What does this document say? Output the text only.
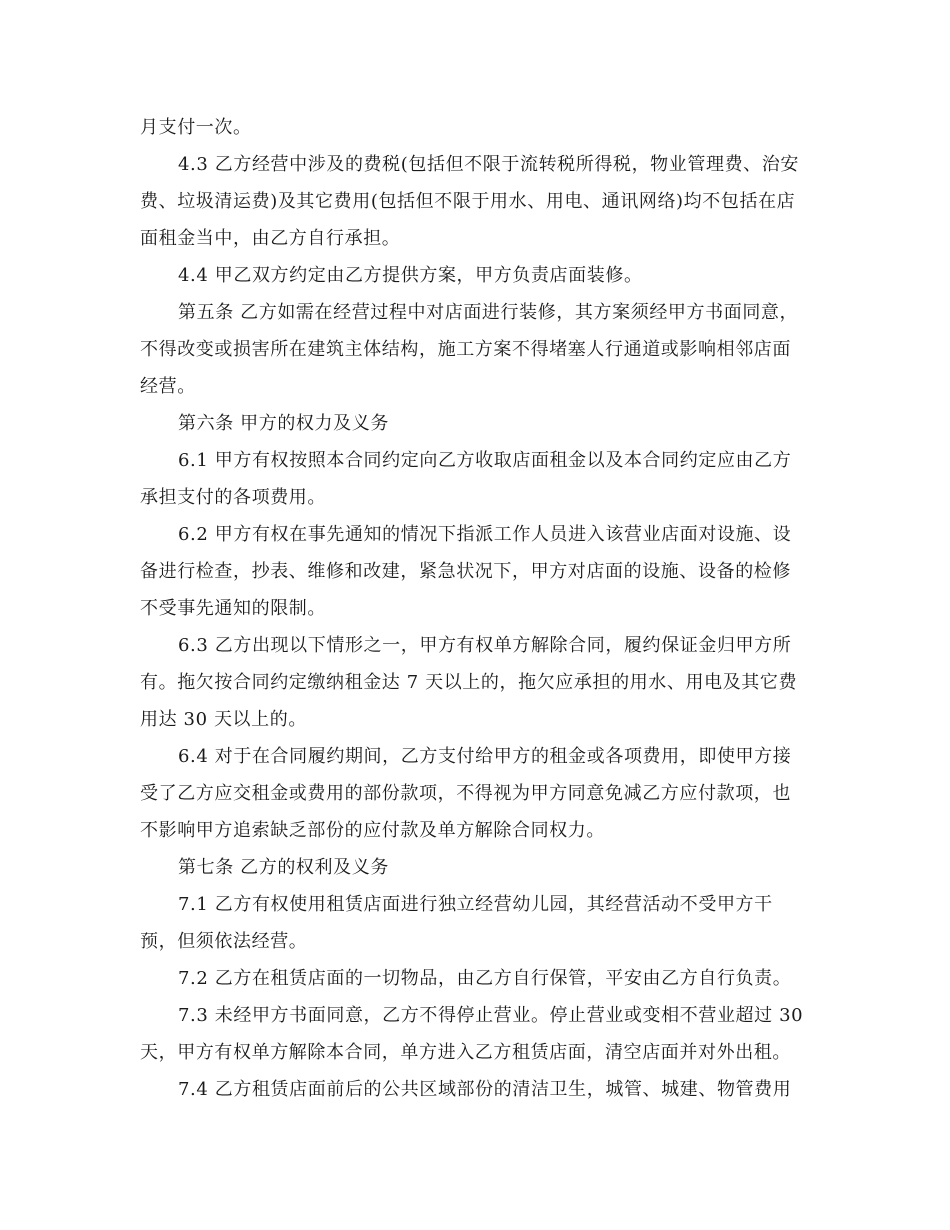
月支付一次。
4.3 乙方经营中涉及的费税(包括但不限于流转税所得税，物业管理费、治安
费、垃圾清运费)及其它费用(包括但不限于用水、用电、通讯网络)均不包括在店
面租金当中，由乙方自行承担。
4.4 甲乙双方约定由乙方提供方案，甲方负责店面装修。
第五条 乙方如需在经营过程中对店面进行装修，其方案须经甲方书面同意，
不得改变或损害所在建筑主体结构，施工方案不得堵塞人行通道或影响相邻店面
经营。
第六条 甲方的权力及义务
6.1 甲方有权按照本合同约定向乙方收取店面租金以及本合同约定应由乙方
承担支付的各项费用。
6.2 甲方有权在事先通知的情况下指派工作人员进入该营业店面对设施、设
备进行检查，抄表、维修和改建，紧急状况下，甲方对店面的设施、设备的检修
不受事先通知的限制。
6.3 乙方出现以下情形之一，甲方有权单方解除合同，履约保证金归甲方所
有。拖欠按合同约定缴纳租金达 7 天以上的，拖欠应承担的用水、用电及其它费
用达 30 天以上的。
6.4 对于在合同履约期间，乙方支付给甲方的租金或各项费用，即使甲方接
受了乙方应交租金或费用的部份款项，不得视为甲方同意免减乙方应付款项，也
不影响甲方追索缺乏部份的应付款及单方解除合同权力。
第七条 乙方的权利及义务
7.1 乙方有权使用租赁店面进行独立经营幼儿园，其经营活动不受甲方干
预，但须依法经营。
7.2 乙方在租赁店面的一切物品，由乙方自行保管，平安由乙方自行负责。
7.3 未经甲方书面同意，乙方不得停止营业。停止营业或变相不营业超过 30
天，甲方有权单方解除本合同，单方进入乙方租赁店面，清空店面并对外出租。
7.4 乙方租赁店面前后的公共区域部份的清洁卫生，城管、城建、物管费用
